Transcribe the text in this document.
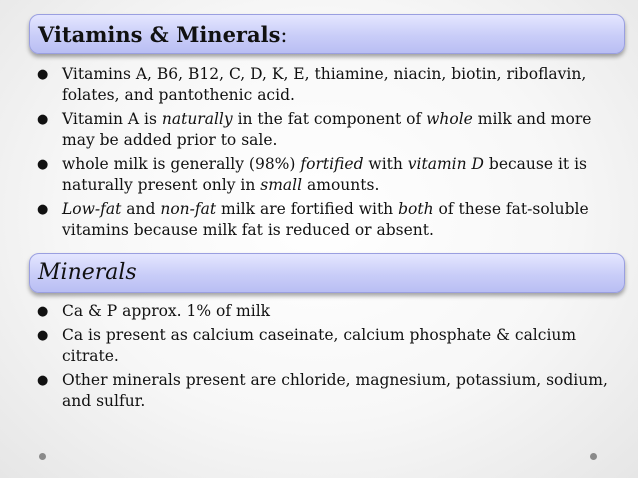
Vitamins & Minerals:
● Vitamins A, B6, B12, C, D, K, E, thiamine, niacin, biotin, riboflavin, folates, and pantothenic acid.
● Vitamin A is naturally in the fat component of whole milk and more may be added prior to sale.
● whole milk is generally (98%) fortified with vitamin D because it is naturally present only in small amounts.
● Low-fat and non-fat milk are fortified with both of these fat-soluble vitamins because milk fat is reduced or absent.
Minerals
● Ca & P approx. 1% of milk
● Ca is present as calcium caseinate, calcium phosphate & calcium citrate.
● Other minerals present are chloride, magnesium, potassium, sodium, and sulfur.
